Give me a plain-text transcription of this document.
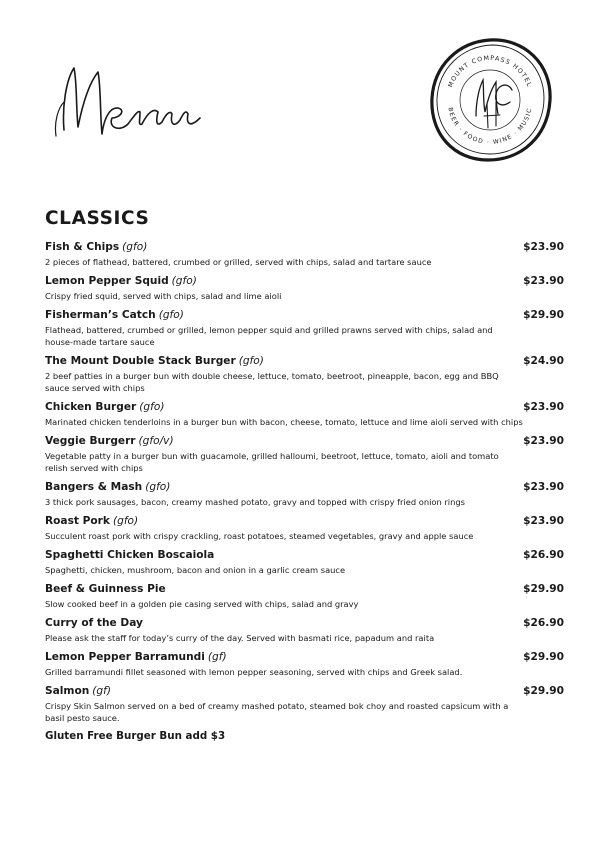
MOUNT COMPASS HOTEL
BEER · FOOD · WINE · MUSIC
CLASSICS
Fish & Chips (gfo)	$23.90
2 pieces of flathead, battered, crumbed or grilled, served with chips, salad and tartare sauce
Lemon Pepper Squid (gfo)	$23.90
Crispy fried squid, served with chips, salad and lime aioli
Fisherman’s Catch (gfo)	$29.90
Flathead, battered, crumbed or grilled, lemon pepper squid and grilled prawns served with chips, salad and house-made tartare sauce
The Mount Double Stack Burger (gfo)	$24.90
2 beef patties in a burger bun with double cheese, lettuce, tomato, beetroot, pineapple, bacon, egg and BBQ sauce served with chips
Chicken Burger (gfo)	$23.90
Marinated chicken tenderloins in a burger bun with bacon, cheese, tomato, lettuce and lime aioli served with chips
Veggie Burgerr (gfo/v)	$23.90
Vegetable patty in a burger bun with guacamole, grilled halloumi, beetroot, lettuce, tomato, aioli and tomato relish served with chips
Bangers & Mash (gfo)	$23.90
3 thick pork sausages, bacon, creamy mashed potato, gravy and topped with crispy fried onion rings
Roast Pork (gfo)	$23.90
Succulent roast pork with crispy crackling, roast potatoes, steamed vegetables, gravy and apple sauce
Spaghetti Chicken Boscaiola	$26.90
Spaghetti, chicken, mushroom, bacon and onion in a garlic cream sauce
Beef & Guinness Pie	$29.90
Slow cooked beef in a golden pie casing served with chips, salad and gravy
Curry of the Day	$26.90
Please ask the staff for today’s curry of the day. Served with basmati rice, papadum and raita
Lemon Pepper Barramundi (gf)	$29.90
Grilled barramundi fillet seasoned with lemon pepper seasoning, served with chips and Greek salad.
Salmon (gf)	$29.90
Crispy Skin Salmon served on a bed of creamy mashed potato, steamed bok choy and roasted capsicum with a basil pesto sauce.
Gluten Free Burger Bun add $3
